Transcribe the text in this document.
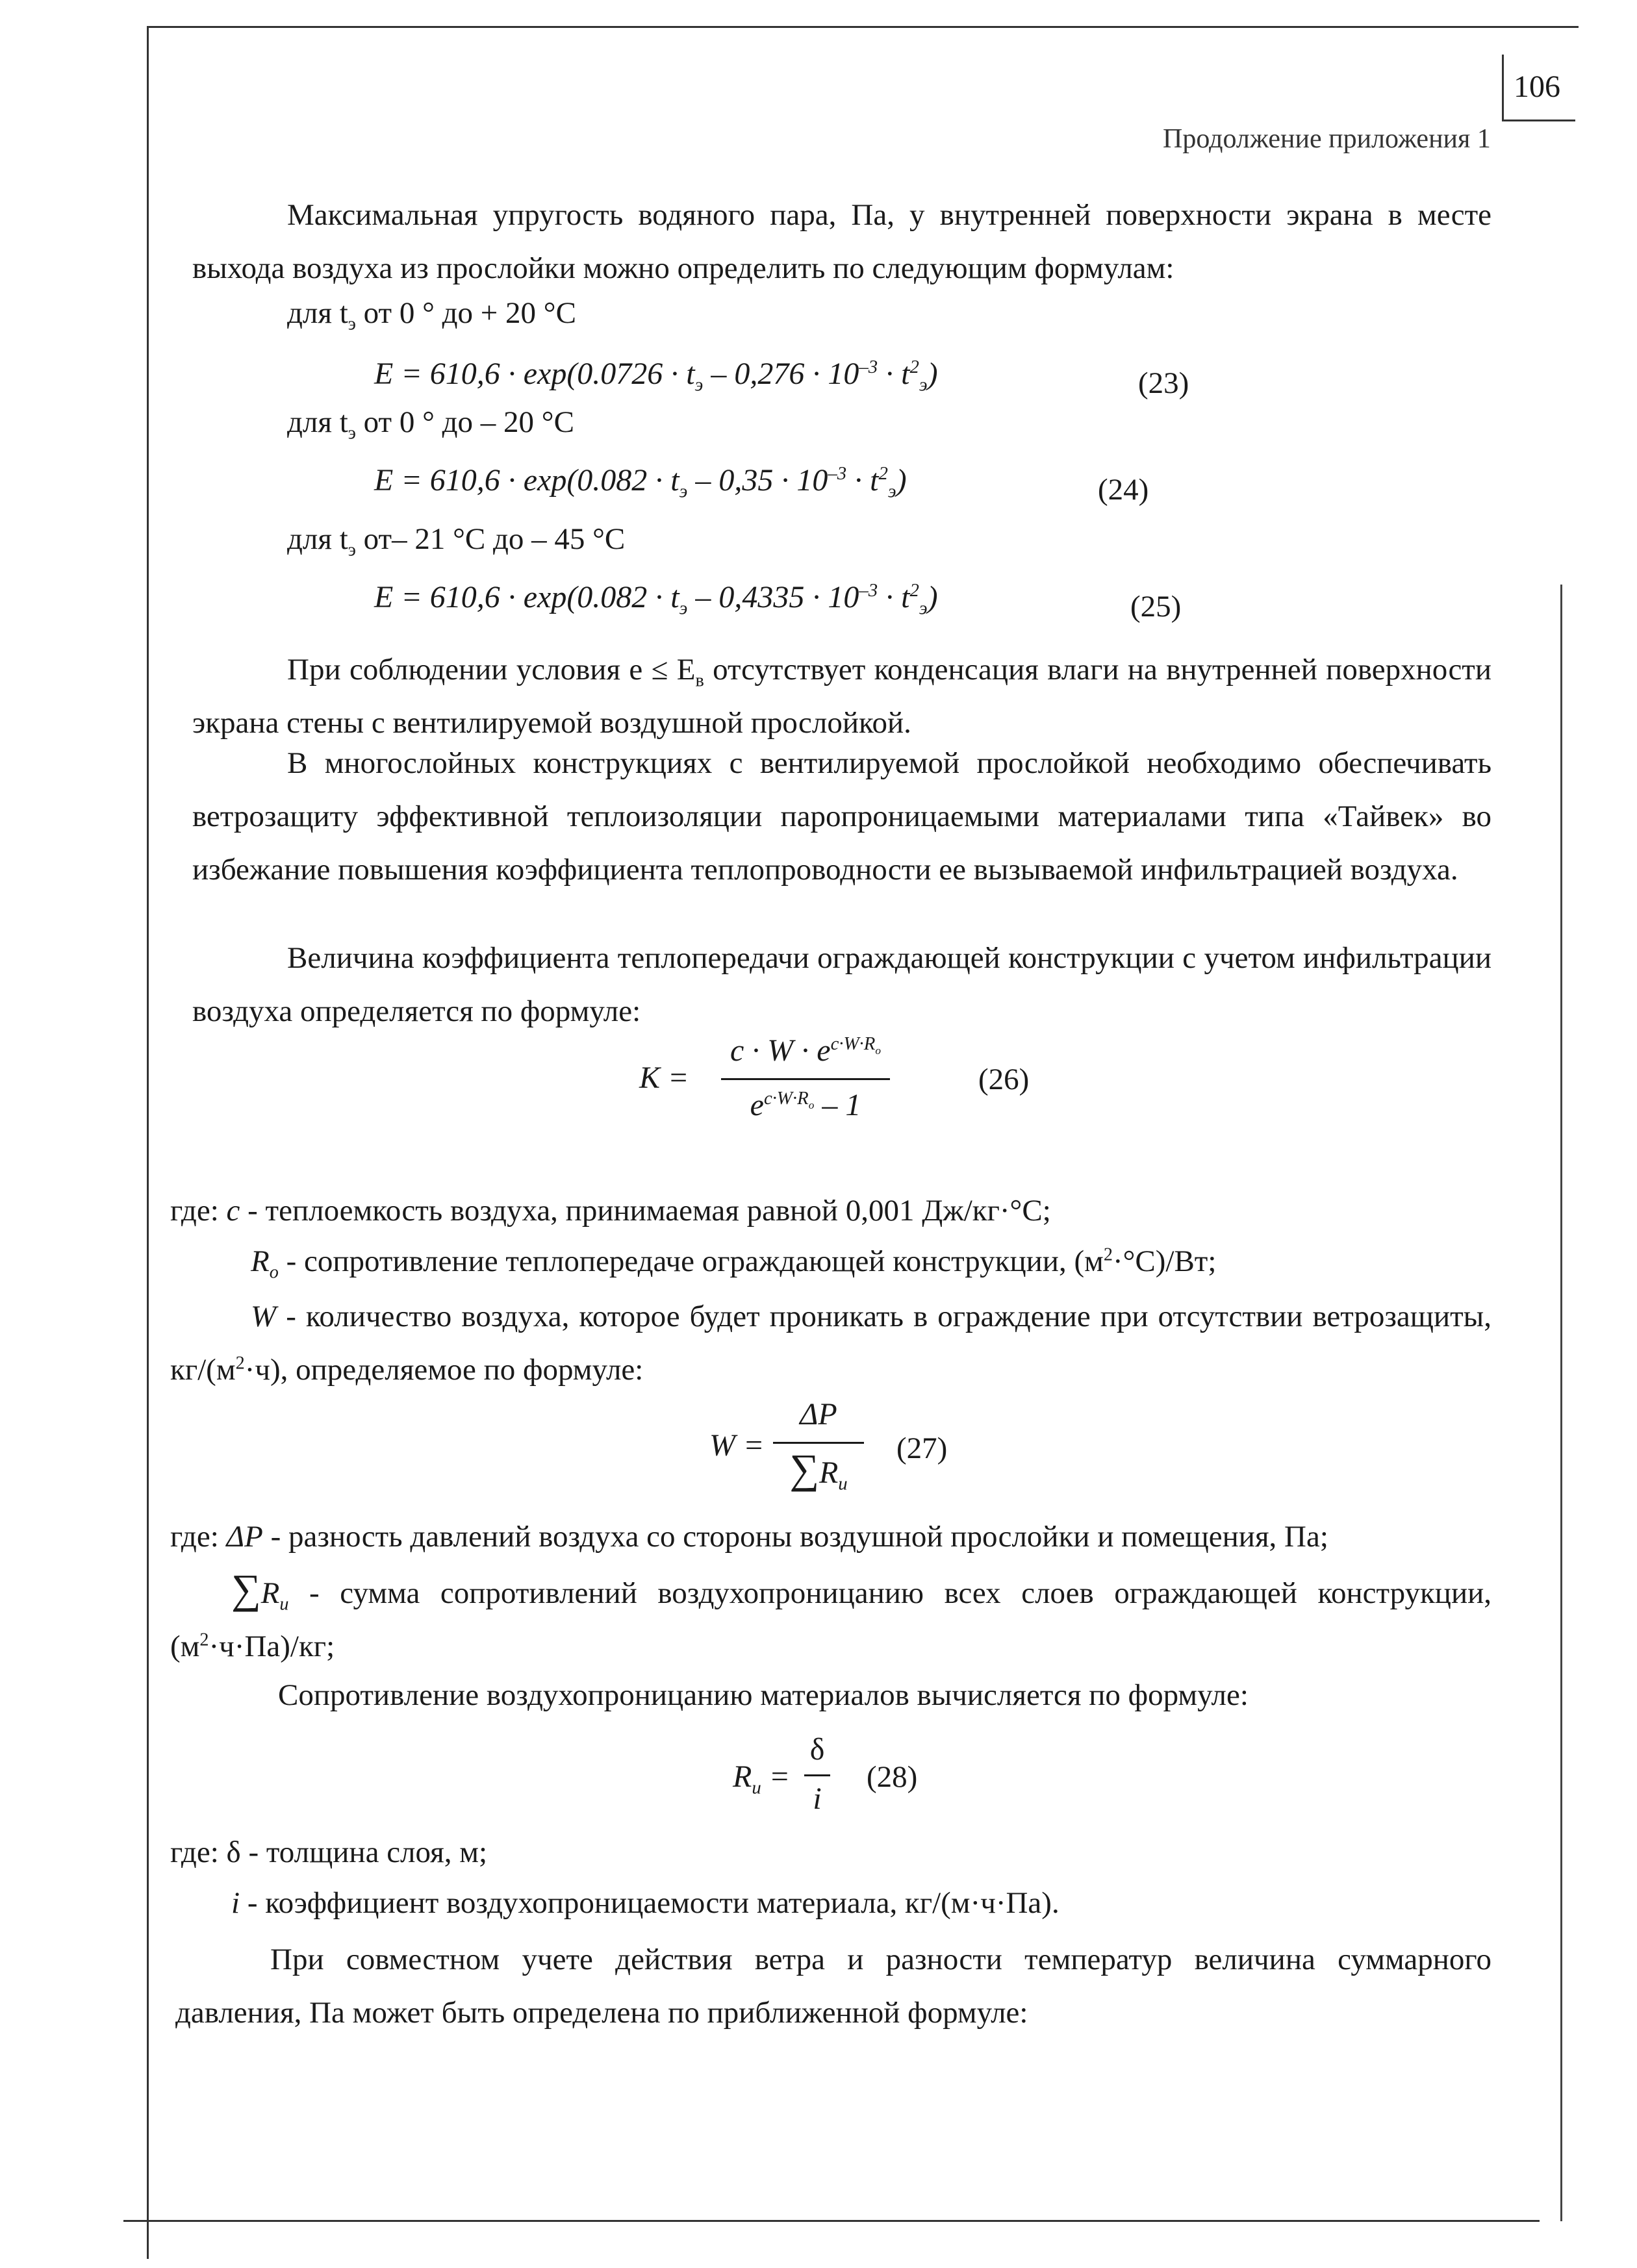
106
Продолжение приложения 1
Максимальная упругость водяного пара, Па, у внутренней поверхности экрана в месте выхода воздуха из прослойки можно определить по следующим формулам:
для $t_э$ от 0 ° до + 20 °С
$E = 610,6 \cdot \exp(0.0726 \cdot t_э - 0,276 \cdot 10^{-3} \cdot t^2_э)$	(23)
для $t_э$ от 0 ° до – 20 °С
$E = 610,6 \cdot \exp(0.082 \cdot t_э - 0,35 \cdot 10^{-3} \cdot t^2_э)$	(24)
для $t_э$ от– 21 °С до – 45 °С
$E = 610,6 \cdot \exp(0.082 \cdot t_э - 0,4335 \cdot 10^{-3} \cdot t^2_э)$	(25)
При соблюдении условия $e \le E_в$ отсутствует конденсация влаги на внутренней поверхности экрана стены с вентилируемой воздушной прослойкой.
В многослойных конструкциях с вентилируемой прослойкой необходимо обеспечивать ветрозащиту эффективной теплоизоляции паропроницаемыми материалами типа «Тайвек» во избежание повышения коэффициента теплопроводности ее вызываемой инфильтрацией воздуха.
Величина коэффициента теплопередачи ограждающей конструкции с учетом инфильтрации воздуха определяется по формуле:
K =
$c \cdot W \cdot e^{c\cdot W\cdot R_o}$
$e^{c\cdot W\cdot R_o} - 1$
(26)
где: c - теплоемкость воздуха, принимаемая равной 0,001 Дж/кг·°С;
$R_o$ - сопротивление теплопередаче ограждающей конструкции, $(м^2\cdot^\circ С)/Вт$;
W - количество воздуха, которое будет проникать в ограждение при отсутствии ветрозащиты, $кг/(м^2\cdot ч)$, определяемое по формуле:
W =
ΔP
$\sum R_u$
(27)
где: ΔP - разность давлений воздуха со стороны воздушной прослойки и помещения, Па;
$\sum R_u$ - сумма сопротивлений воздухопроницанию всех слоев ограждающей конструкции, $(м^2\cdot ч\cdot Па)/кг$;
Сопротивление воздухопроницанию материалов вычисляется по формуле:
$R_u$ =
δ
i
(28)
где: δ - толщина слоя, м;
i - коэффициент воздухопроницаемости материала, кг/(м·ч·Па).
При совместном учете действия ветра и разности температур величина суммарного давления, Па может быть определена по приближенной формуле:
